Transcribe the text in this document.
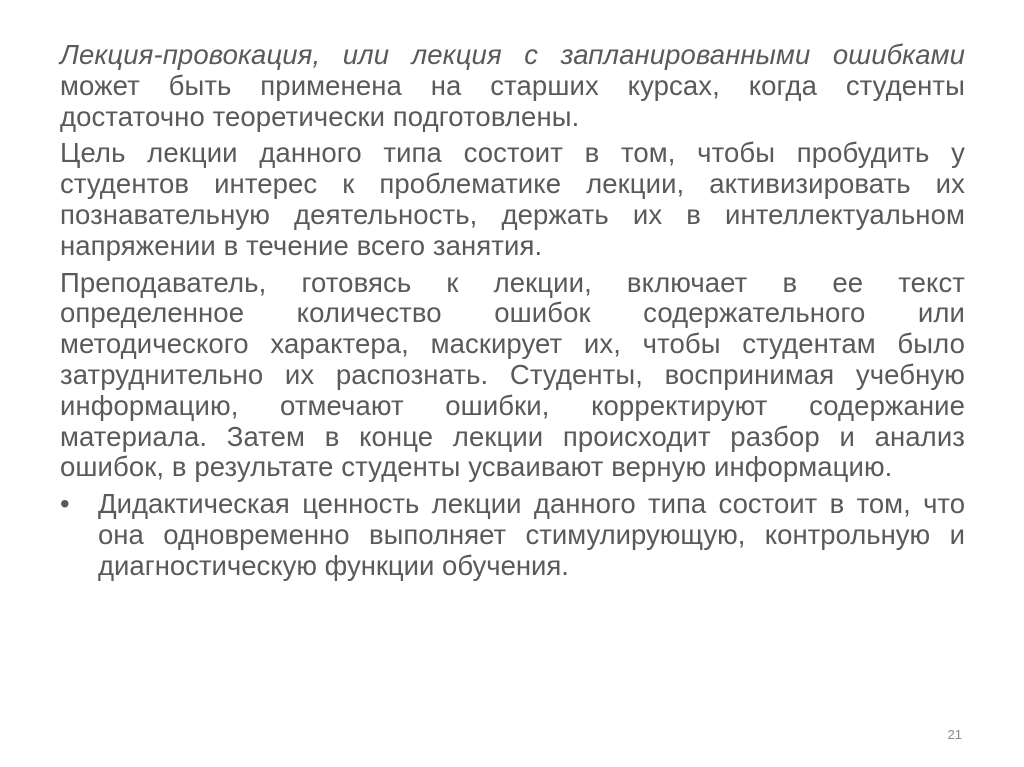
Лекция-провокация, или лекция с запланированными ошибками может быть применена на старших курсах, когда студенты достаточно теоретически подготовлены.

Цель лекции данного типа состоит в том, чтобы пробудить у студентов интерес к проблематике лекции, активизировать их познавательную деятельность, держать их в интеллектуальном напряжении в течение всего занятия.

Преподаватель, готовясь к лекции, включает в ее текст определенное количество ошибок содержательного или методического характера, маскирует их, чтобы студентам было затруднительно их распознать. Студенты, воспринимая учебную информацию, отмечают ошибки, корректируют содержание материала. Затем в конце лекции происходит разбор и анализ ошибок, в результате студенты усваивают верную информацию.

•	Дидактическая ценность лекции данного типа состоит в том, что она одновременно выполняет стимулирующую, контрольную и диагностическую функции обучения.
21
